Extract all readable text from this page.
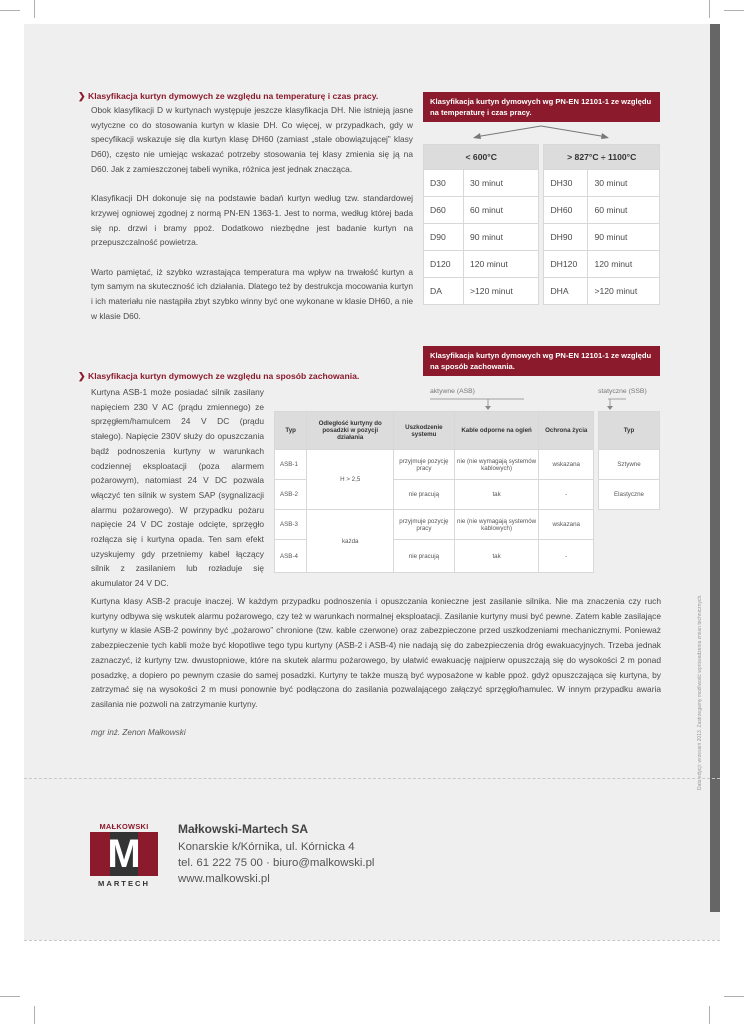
❯ Klasyfikacja kurtyn dymowych ze względu na temperaturę i czas pracy.

Obok klasyfikacji D w kurtynach występuje jeszcze klasyfikacja DH. Nie istnieją jasne wytyczne co do stosowania kurtyn w klasie DH. Co więcej, w przypadkach, gdy w specyfikacji wskazuje się dla kurtyn klasę DH60 (zamiast „stale obowiązującej” klasy D60), często nie umiejąc wskazać potrzeby stosowania tej klasy zmienia się ją na D60. Jak z zamieszczonej tabeli wynika, różnica jest jednak znacząca.

Klasyfikacji DH dokonuje się na podstawie badań kurtyn według tzw. standardowej krzywej ogniowej zgodnej z normą PN-EN 1363-1. Jest to norma, według której bada się np. drzwi i bramy ppoż. Dodatkowo niezbędne jest badanie kurtyn na przepuszczalność powietrza.

Warto pamiętać, iż szybko wzrastająca temperatura ma wpływ na trwałość kurtyn a tym samym na skuteczność ich działania. Dlatego też by destrukcja mocowania kurtyn i ich materiału nie nastąpiła zbyt szybko winny być one wykonane w klasie DH60, a nie w klasie D60.

Klasyfikacja kurtyn dymowych wg PN-EN 12101-1 ze względu na temperaturę i czas pracy.
< 600°C			> 827°C ÷ 1100°C	
D30	30 minut		DH30	30 minut
D60	60 minut		DH60	60 minut
D90	90 minut		DH90	90 minut
D120	120 minut		DH120	120 minut
DA	>120 minut		DHA	>120 minut
❯ Klasyfikacja kurtyn dymowych ze względu na sposób zachowania.

Kurtyna ASB-1 może posiadać silnik zasilany napięciem 230 V AC (prądu zmiennego) ze sprzęgłem/hamulcem 24 V DC (prądu stałego). Napięcie 230V służy do opuszczania bądź podnoszenia kurtyny w warunkach codziennej eksploatacji (poza alarmem pożarowym), natomiast 24 V DC pozwala włączyć ten silnik w system SAP (sygnalizacji alarmu pożarowego). W przypadku pożaru napięcie 24 V DC zostaje odcięte, sprzęgło rozłącza się i kurtyna opada. Ten sam efekt uzyskujemy gdy przetniemy kabel łączący silnik z zasilaniem lub rozładuje się akumulator 24 V DC.

Klasyfikacja kurtyn dymowych wg PN-EN 12101-1 ze względu na sposób zachowania.
aktywne (ASB)	statyczne (SSB)
Typ	Odległość kurtyny do posadzki w pozycji działania	Uszkodzenie systemu	Kable odporne na ogień	Ochrona życia
ASB-1	H > 2,5	przyjmuje pozycję pracy	nie (nie wymagają systemów kablowych)	wskazana
ASB-2		nie pracują	tak	-
ASB-3	każda	przyjmuje pozycję pracy	nie (nie wymagają systemów kablowych)	wskazana
ASB-4		nie pracują	tak	-
Typ
Sztywne
Elastyczne

Kurtyna klasy ASB-2 pracuje inaczej. W każdym przypadku podnoszenia i opuszczania konieczne jest zasilanie silnika. Nie ma znaczenia czy ruch kurtyny odbywa się wskutek alarmu pożarowego, czy też w warunkach normalnej eksploatacji. Zasilanie kurtyny musi być pewne. Zatem kable zasilające kurtyny w klasie ASB-2 powinny być „pożarowo” chronione (tzw. kable czerwone) oraz zabezpieczone przed uszkodzeniami mechanicznymi. Ponieważ zabezpieczenie tych kabli może być kłopotliwe tego typu kurtyny (ASB-2 i ASB-4) nie nadają się do zabezpieczenia dróg ewakuacyjnych. Trzeba jednak zaznaczyć, iż kurtyny tzw. dwustopniowe, które na skutek alarmu pożarowego, by ułatwić ewakuację najpierw opuszczają się do wysokości 2 m ponad posadzkę, a dopiero po pewnym czasie do samej posadzki. Kurtyny te także muszą być wyposażone w kable ppoż. gdyż opuszczająca się kurtyna, by zatrzymać się na wysokości 2 m musi ponownie być podłączona do zasilania pozwalającego załączyć sprzęgło/hamulec. W innym przypadku awaria zasilania nie pozwoli na zatrzymanie kurtyny.

mgr inż. Zenon Małkowski	Data edycji: wrzesień 2013. Zastrzegamy możliwość wprowadzenia zmian technicznych.
MAŁKOWSKI
M
MARTECH
Małkowski-Martech SA
Konarskie k/Kórnika, ul. Kórnicka 4
tel. 61 222 75 00 · biuro@malkowski.pl
www.malkowski.pl
